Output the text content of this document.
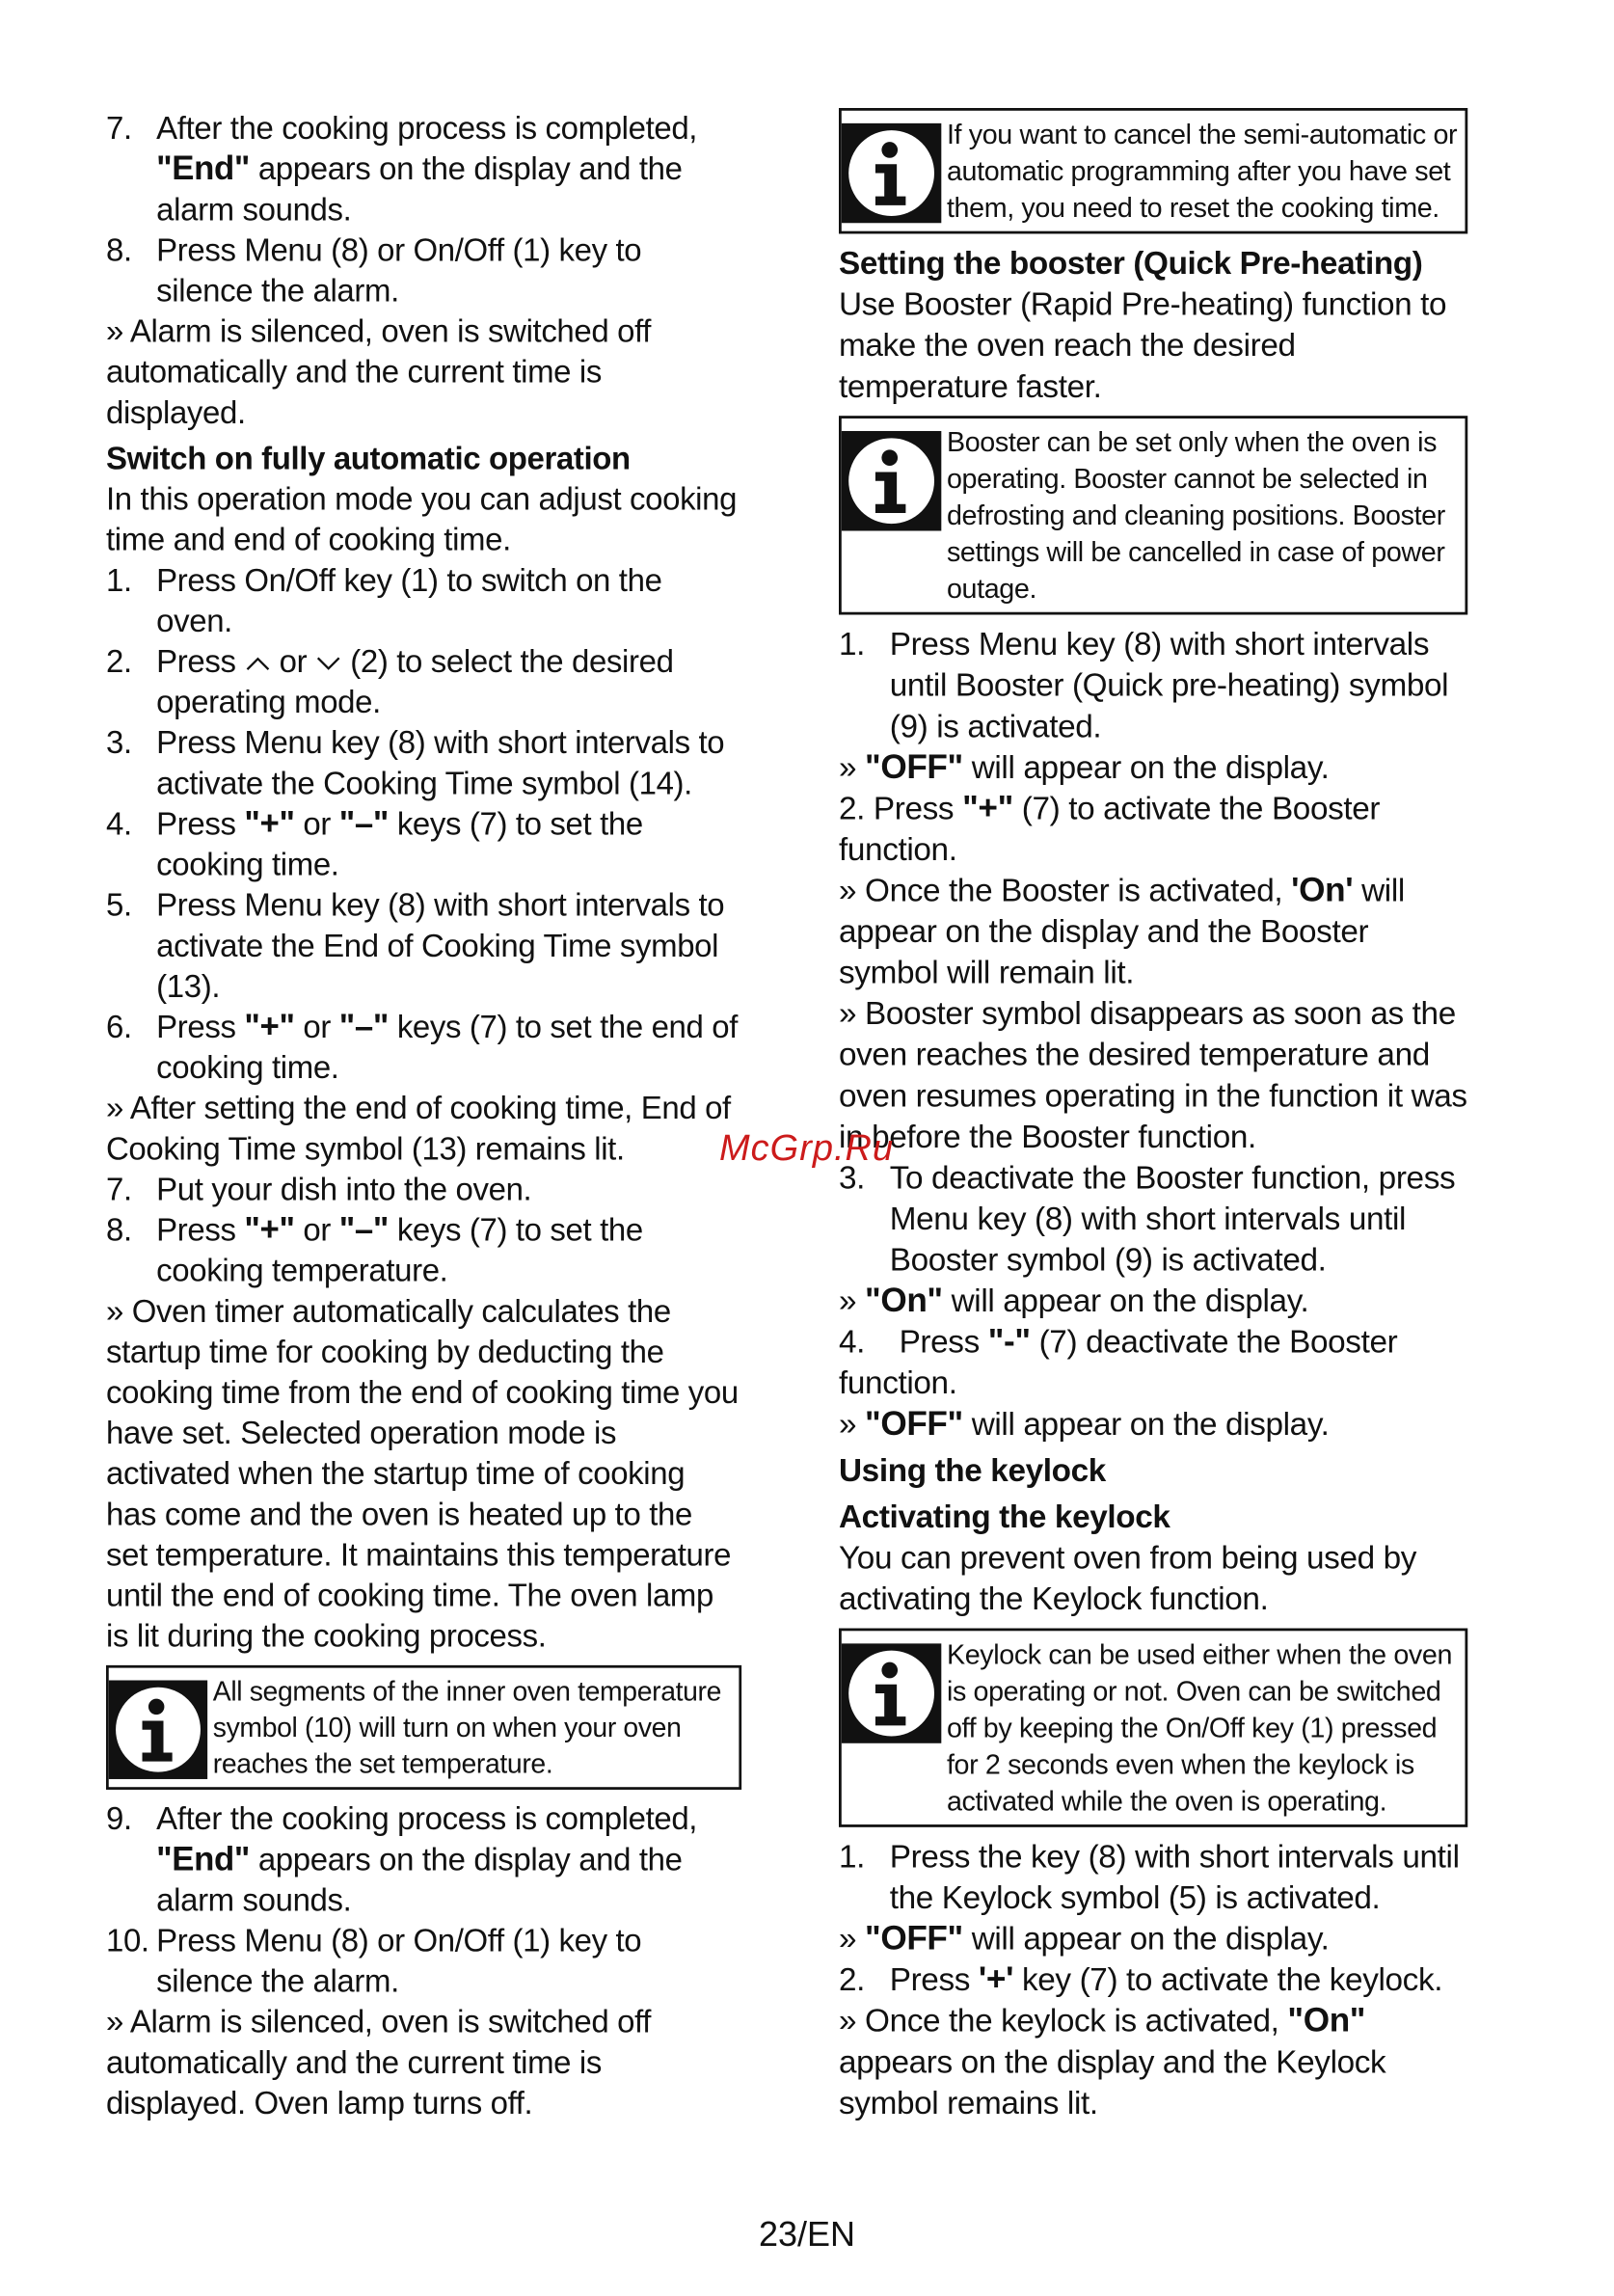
7. After the cooking process is completed, "End" appears on the display and the alarm sounds.
8. Press Menu (8) or On/Off (1) key to silence the alarm.
» Alarm is silenced, oven is switched off automatically and the current time is displayed.
Switch on fully automatic operation
In this operation mode you can adjust cooking time and end of cooking time.
1. Press On/Off key (1) to switch on the oven.
2. Press or (2) to select the desired operating mode.
3. Press Menu key (8) with short intervals to activate the Cooking Time symbol (14).
4. Press "+" or "–" keys (7) to set the cooking time.
5. Press Menu key (8) with short intervals to activate the End of Cooking Time symbol (13).
6. Press "+" or "–" keys (7) to set the end of cooking time.
» After setting the end of cooking time, End of Cooking Time symbol (13) remains lit.
7. Put your dish into the oven.
8. Press "+" or "–" keys (7) to set the cooking temperature.
» Oven timer automatically calculates the startup time for cooking by deducting the cooking time from the end of cooking time you have set. Selected operation mode is activated when the startup time of cooking has come and the oven is heated up to the set temperature. It maintains this temperature until the end of cooking time. The oven lamp is lit during the cooking process.
All segments of the inner oven temperature symbol (10) will turn on when your oven reaches the set temperature.
9. After the cooking process is completed, "End" appears on the display and the alarm sounds.
10. Press Menu (8) or On/Off (1) key to silence the alarm.
» Alarm is silenced, oven is switched off automatically and the current time is displayed. Oven lamp turns off.
If you want to cancel the semi-automatic or automatic programming after you have set them, you need to reset the cooking time.
Setting the booster (Quick Pre-heating)
Use Booster (Rapid Pre-heating) function to make the oven reach the desired temperature faster.
Booster can be set only when the oven is operating. Booster cannot be selected in defrosting and cleaning positions. Booster settings will be cancelled in case of power outage.
1. Press Menu key (8) with short intervals until Booster (Quick pre-heating) symbol (9) is activated.
» "OFF" will appear on the display.
2. Press "+" (7) to activate the Booster function.
» Once the Booster is activated, 'On' will appear on the display and the Booster symbol will remain lit.
» Booster symbol disappears as soon as the oven reaches the desired temperature and oven resumes operating in the function it was in before the Booster function.
3. To deactivate the Booster function, press Menu key (8) with short intervals until Booster symbol (9) is activated.
» "On" will appear on the display.
4.    Press "-" (7) deactivate the Booster function.
» "OFF" will appear on the display.
Using the keylock
Activating the keylock
You can prevent oven from being used by activating the Keylock function.
Keylock can be used either when the oven is operating or not. Oven can be switched off by keeping the On/Off key (1) pressed for 2 seconds even when the keylock is activated while the oven is operating.
1. Press the key (8) with short intervals until the Keylock symbol (5) is activated.
» "OFF" will appear on the display.
2. Press '+' key (7) to activate the keylock.
» Once the keylock is activated, "On" appears on the display and the Keylock symbol remains lit.
McGrp.Ru
23/EN
